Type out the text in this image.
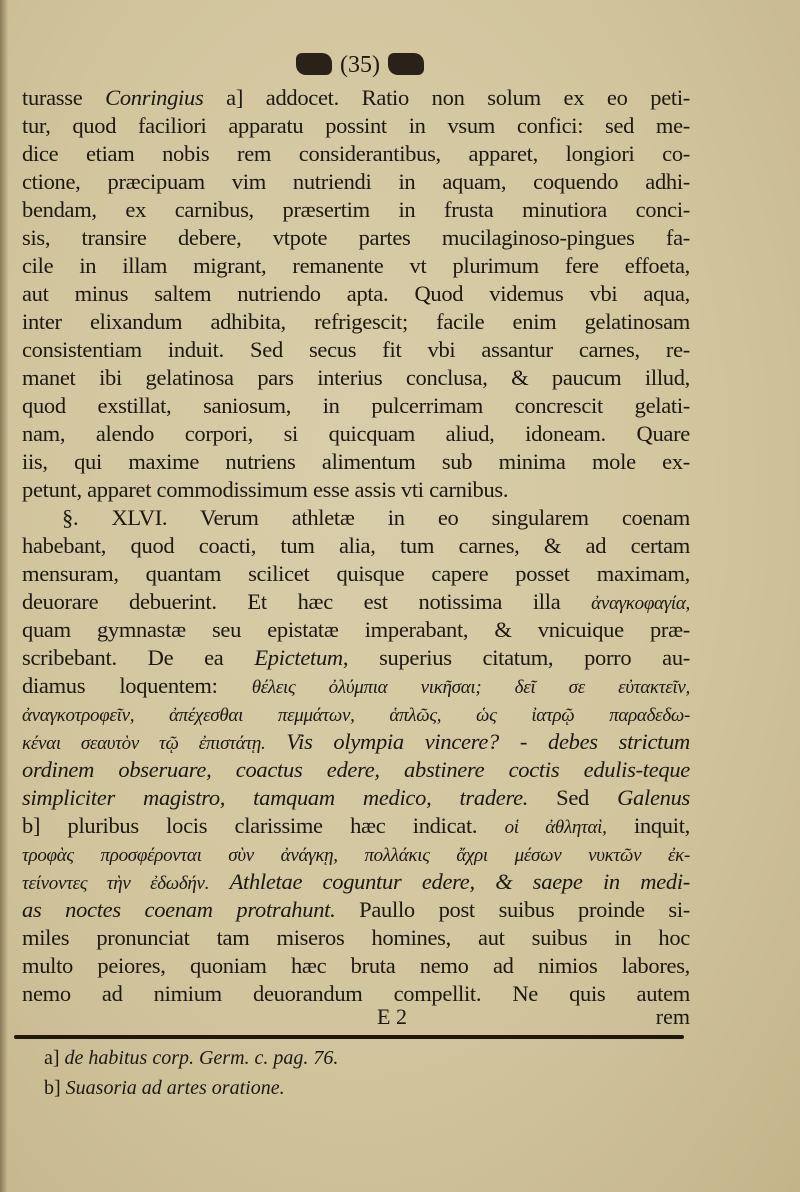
(35)
turasse Conringius a] addocet. Ratio non solum ex eo peti-
tur, quod faciliori apparatu possint in vsum confici: sed me-
dice etiam nobis rem considerantibus, apparet, longiori co-
ctione, præcipuam vim nutriendi in aquam, coquendo adhi-
bendam, ex carnibus, præsertim in frusta minutiora conci-
sis, transire debere, vtpote partes mucilaginoso-pingues fa-
cile in illam migrant, remanente vt plurimum fere effoeta,
aut minus saltem nutriendo apta. Quod videmus vbi aqua,
inter elixandum adhibita, refrigescit; facile enim gelatinosam
consistentiam induit. Sed secus fit vbi assantur carnes, re-
manet ibi gelatinosa pars interius conclusa, & paucum illud,
quod exstillat, saniosum, in pulcerrimam concrescit gelati-
nam, alendo corpori, si quicquam aliud, idoneam. Quare
iis, qui maxime nutriens alimentum sub minima mole ex-
petunt, apparet commodissimum esse assis vti carnibus.
§. XLVI. Verum athletæ in eo singularem coenam
habebant, quod coacti, tum alia, tum carnes, & ad certam
mensuram, quantam scilicet quisque capere posset maximam,
deuorare debuerint. Et hæc est notissima illa ἀναγκοφαγία,
quam gymnastæ seu epistatæ imperabant, & vnicuique præ-
scribebant. De ea Epictetum, superius citatum, porro au-
diamus loquentem: θέλεις ὀλύμπια νικῆσαι; δεῖ σε εὐτακτεῖν,
ἀναγκοτροφεῖν, ἀπέχεσθαι πεμμάτων, ἁπλῶς, ὡς ἰατρῷ παραδεδω-
κέναι σεαυτὸν τῷ ἐπιστάτῃ. Vis olympia vincere? - debes strictum
ordinem obseruare, coactus edere, abstinere coctis edulis-teque
simpliciter magistro, tamquam medico, tradere. Sed Galenus
b] pluribus locis clarissime hæc indicat. οἱ ἀθληταὶ, inquit,
τροφὰς προσφέρονται σὺν ἀνάγκῃ, πολλάκις ἄχρι μέσων νυκτῶν ἐκ-
τείνοντες τὴν ἐδωδήν. Athletae coguntur edere, & saepe in medi-
as noctes coenam protrahunt. Paullo post suibus proinde si-
miles pronunciat tam miseros homines, aut suibus in hoc
multo peiores, quoniam hæc bruta nemo ad nimios labores,
nemo ad nimium deuorandum compellit. Ne quis autem
E 2	rem
a] de habitus corp. Germ. c. pag. 76.
b] Suasoria ad artes oratione.
